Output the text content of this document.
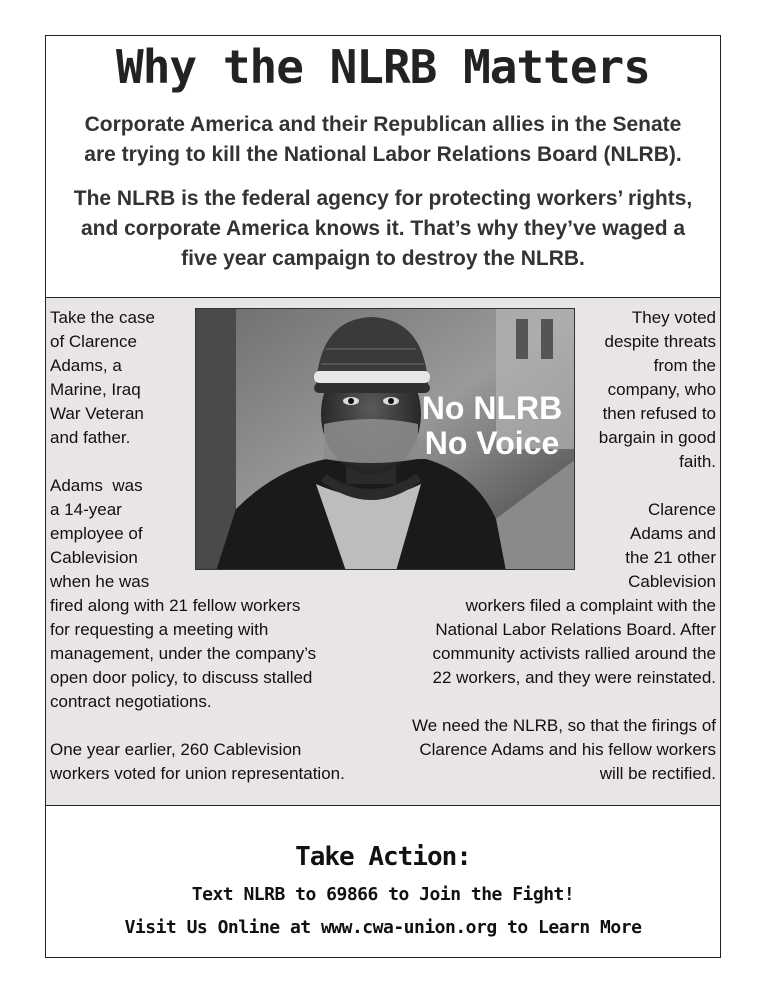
Why the NLRB Matters

Corporate America and their Republican allies in the Senate
are trying to kill the National Labor Relations Board (NLRB).

The NLRB is the federal agency for protecting workers’ rights,
and corporate America knows it. That’s why they’ve waged a
five year campaign to destroy the NLRB.

No NLRB
No Voice

Take the case

of Clarence

Adams, a

Marine, Iraq

War Veteran

and father.

Adams  was

a 14-year

employee of

Cablevision

when he was

fired along with 21 fellow workers

for requesting a meeting with

management, under the company’s

open door policy, to discuss stalled

contract negotiations.

One year earlier, 260 Cablevision

workers voted for union representation.

They voted

despite threats

from the

company, who

then refused to

bargain in good

faith.

Clarence

Adams and

the 21 other

Cablevision

workers filed a complaint with the

National Labor Relations Board. After

community activists rallied around the

22 workers, and they were reinstated.

We need the NLRB, so that the firings of

Clarence Adams and his fellow workers

will be rectified.

Take Action:
Text NLRB to 69866 to Join the Fight!
Visit Us Online at www.cwa-union.org to Learn More
